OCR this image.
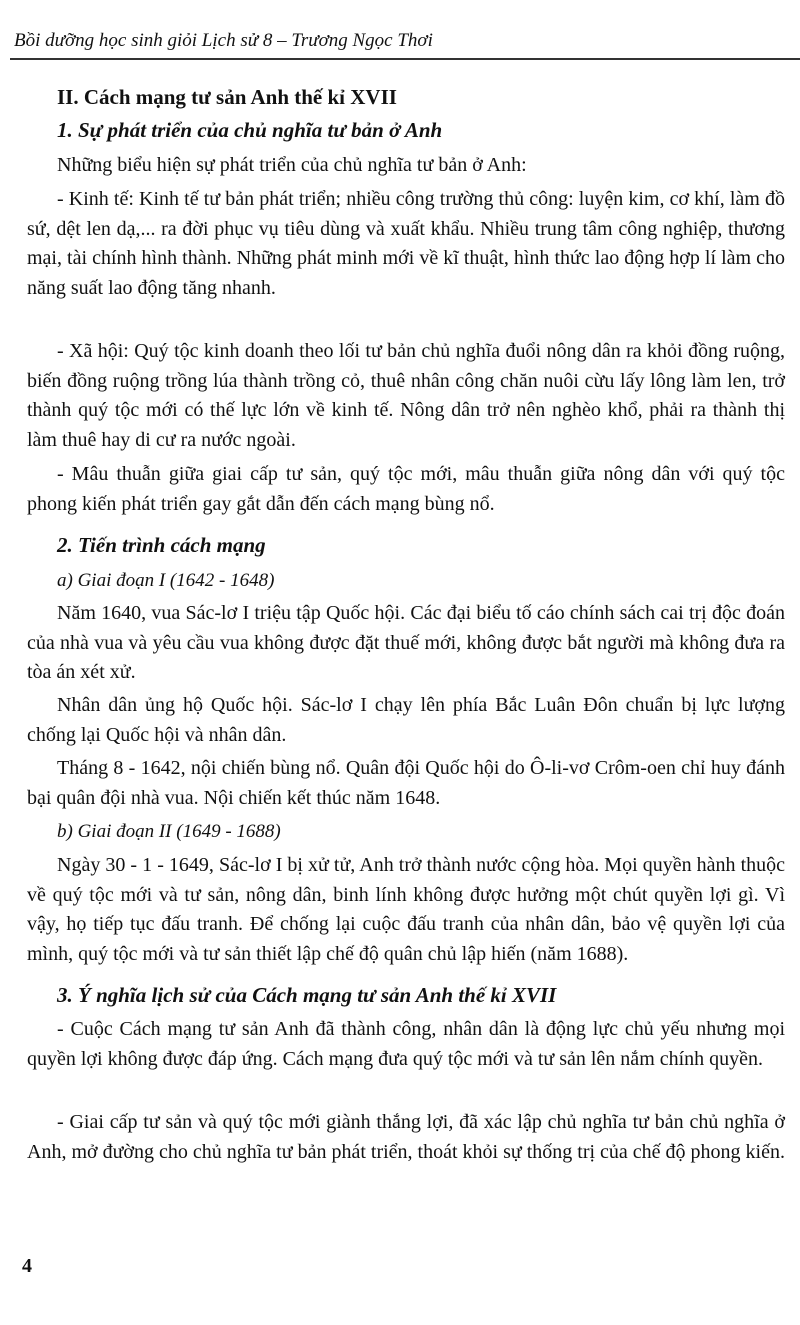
Bồi dưỡng học sinh giỏi Lịch sử 8 – Trương Ngọc Thơi
II. Cách mạng tư sản Anh thế kỉ XVII
1. Sự phát triển của chủ nghĩa tư bản ở Anh
Những biểu hiện sự phát triển của chủ nghĩa tư bản ở Anh:
- Kinh tế: Kinh tế tư bản phát triển; nhiều công trường thủ công: luyện kim, cơ khí, làm đồ sứ, dệt len dạ,... ra đời phục vụ tiêu dùng và xuất khẩu. Nhiều trung tâm công nghiệp, thương mại, tài chính hình thành. Những phát minh mới về kĩ thuật, hình thức lao động hợp lí làm cho năng suất lao động tăng nhanh.
- Xã hội: Quý tộc kinh doanh theo lối tư bản chủ nghĩa đuổi nông dân ra khỏi đồng ruộng, biến đồng ruộng trồng lúa thành trồng cỏ, thuê nhân công chăn nuôi cừu lấy lông làm len, trở thành quý tộc mới có thế lực lớn về kinh tế. Nông dân trở nên nghèo khổ, phải ra thành thị làm thuê hay di cư ra nước ngoài.
- Mâu thuẫn giữa giai cấp tư sản, quý tộc mới, mâu thuẫn giữa nông dân với quý tộc phong kiến phát triển gay gắt dẫn đến cách mạng bùng nổ.
2. Tiến trình cách mạng
a) Giai đoạn I (1642 - 1648)
Năm 1640, vua Sác-lơ I triệu tập Quốc hội. Các đại biểu tố cáo chính sách cai trị độc đoán của nhà vua và yêu cầu vua không được đặt thuế mới, không được bắt người mà không đưa ra tòa án xét xử.
Nhân dân ủng hộ Quốc hội. Sác-lơ I chạy lên phía Bắc Luân Đôn chuẩn bị lực lượng chống lại Quốc hội và nhân dân.
Tháng 8 - 1642, nội chiến bùng nổ. Quân đội Quốc hội do Ô-li-vơ Crôm-oen chỉ huy đánh bại quân đội nhà vua. Nội chiến kết thúc năm 1648.
b) Giai đoạn II (1649 - 1688)
Ngày 30 - 1 - 1649, Sác-lơ I bị xử tử, Anh trở thành nước cộng hòa. Mọi quyền hành thuộc về quý tộc mới và tư sản, nông dân, binh lính không được hưởng một chút quyền lợi gì. Vì vậy, họ tiếp tục đấu tranh. Để chống lại cuộc đấu tranh của nhân dân, bảo vệ quyền lợi của mình, quý tộc mới và tư sản thiết lập chế độ quân chủ lập hiến (năm 1688).
3. Ý nghĩa lịch sử của Cách mạng tư sản Anh thế kỉ XVII
- Cuộc Cách mạng tư sản Anh đã thành công, nhân dân là động lực chủ yếu nhưng mọi quyền lợi không được đáp ứng. Cách mạng đưa quý tộc mới và tư sản lên nắm chính quyền.
- Giai cấp tư sản và quý tộc mới giành thắng lợi, đã xác lập chủ nghĩa tư bản chủ nghĩa ở Anh, mở đường cho chủ nghĩa tư bản phát triển, thoát khỏi sự thống trị của chế độ phong kiến.
4
